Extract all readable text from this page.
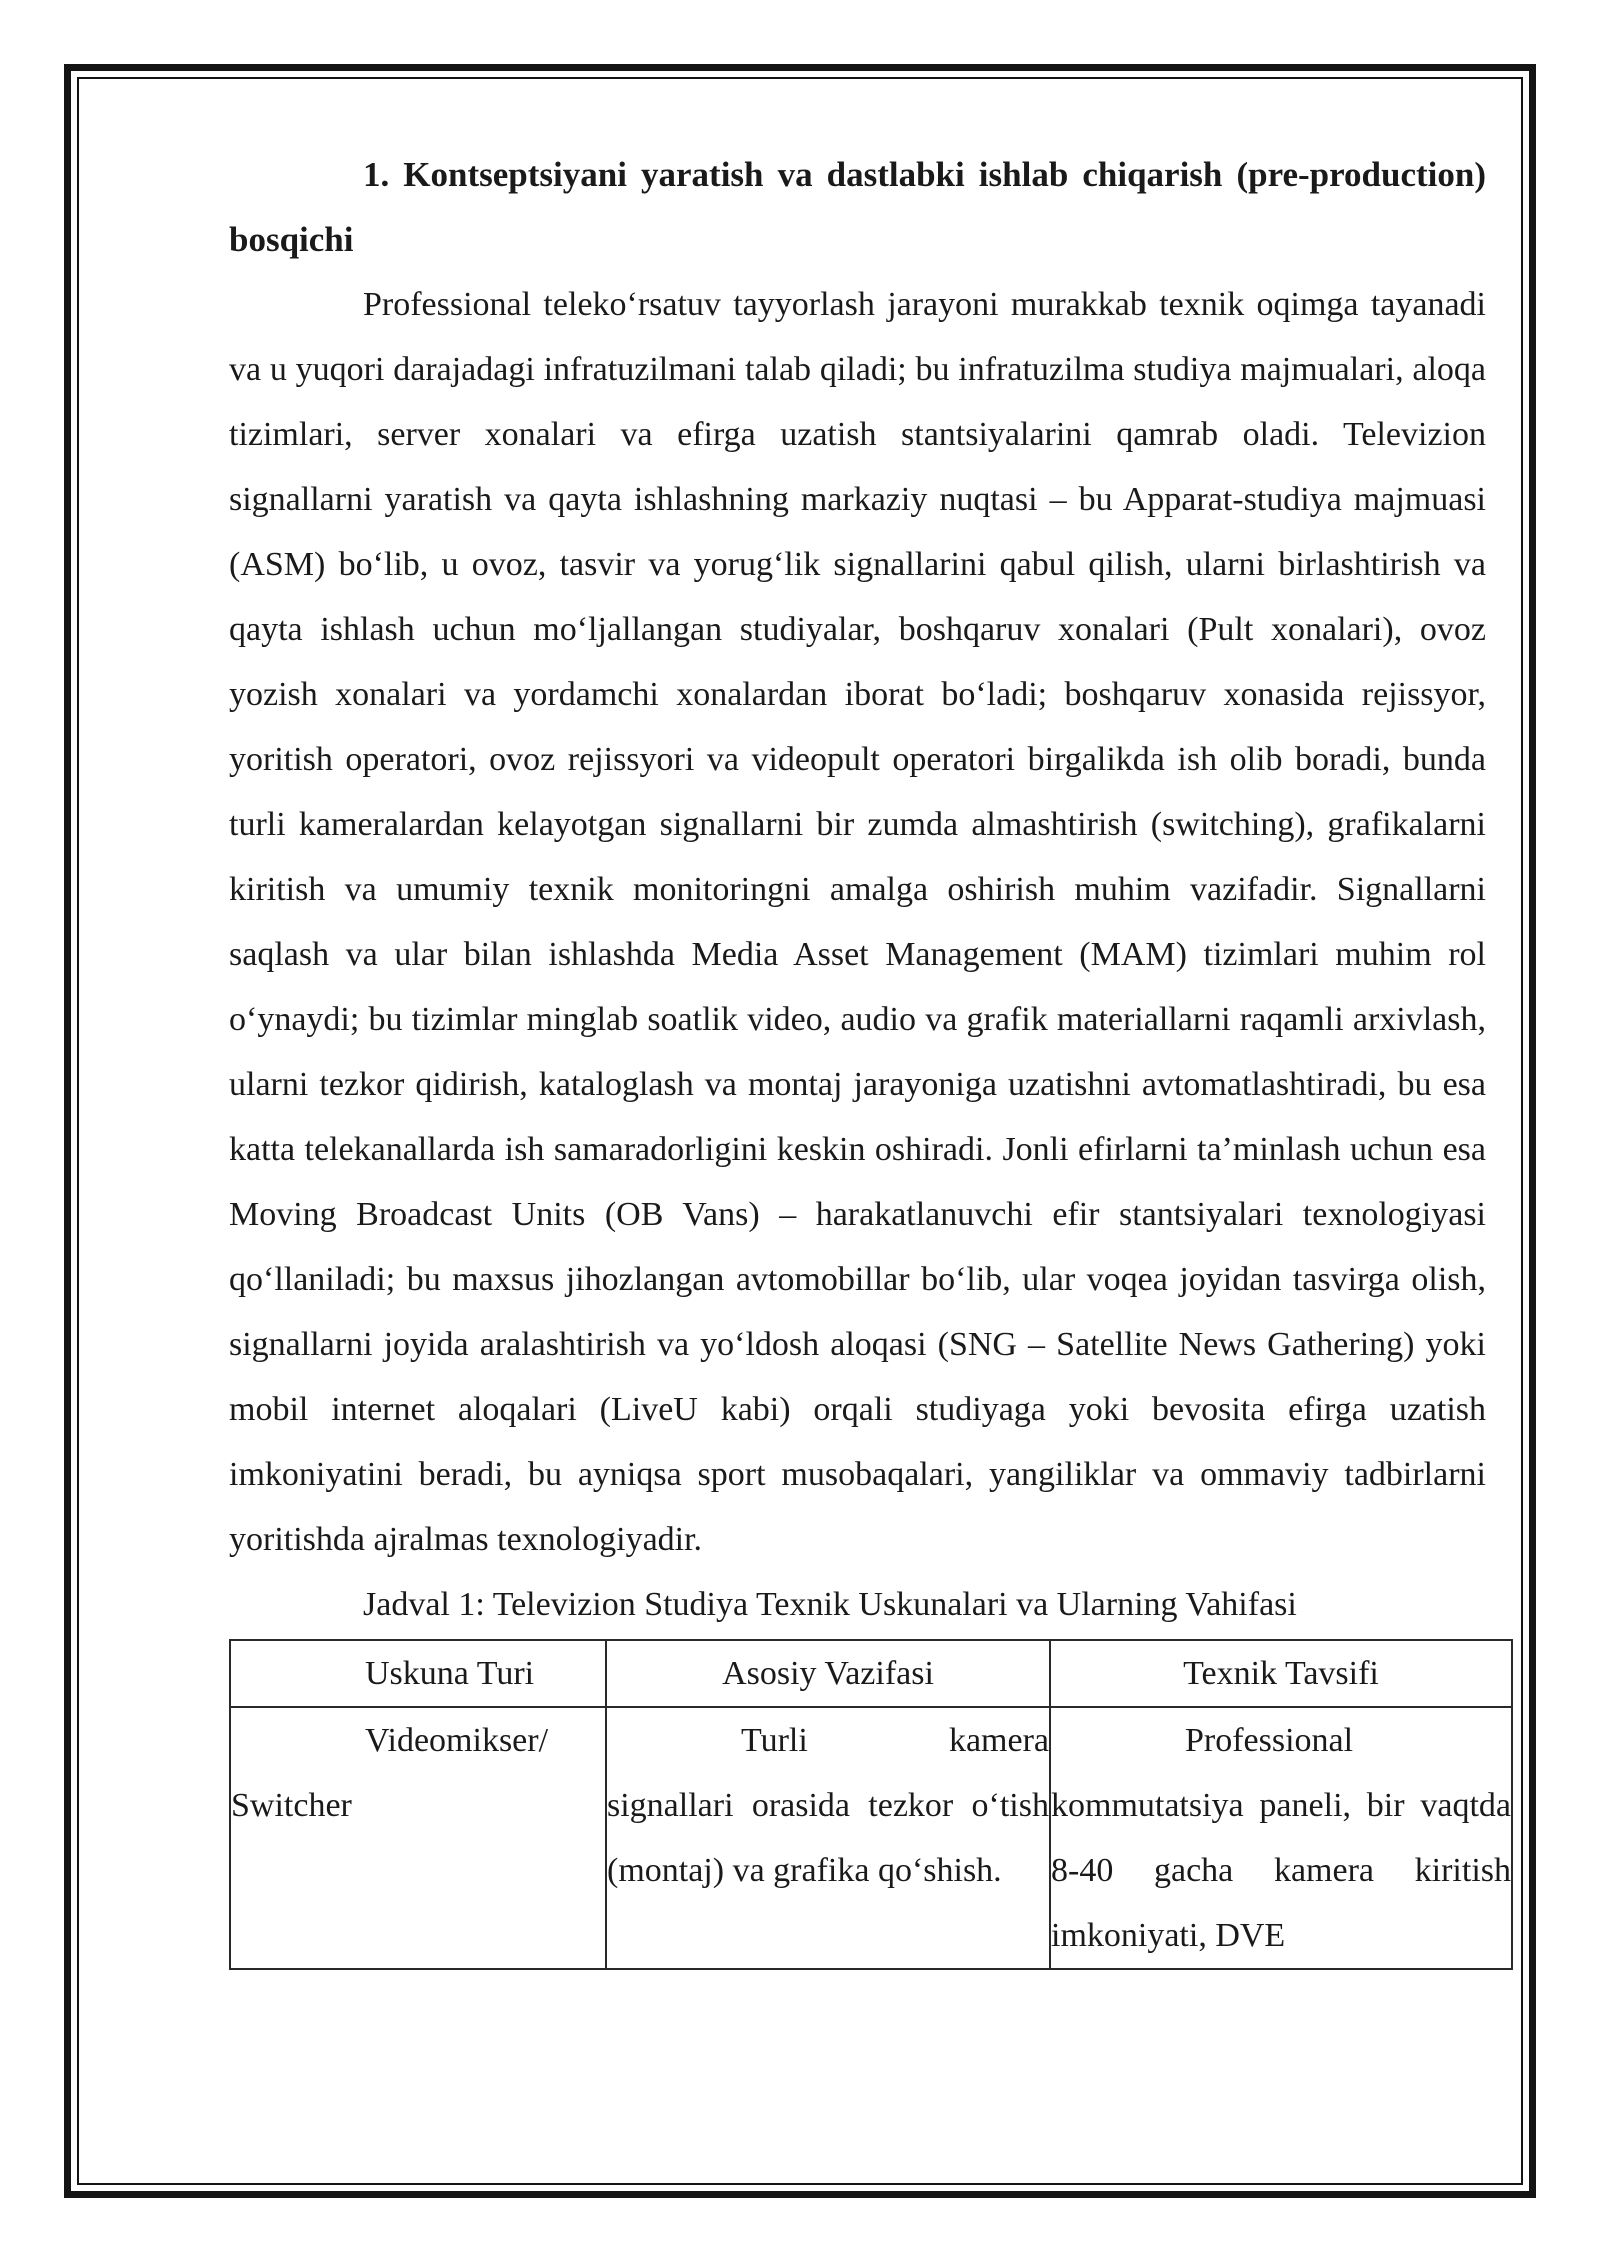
1. Kontseptsiyani yaratish va dastlabki ishlab chiqarish (pre-production) bosqichi

Professional teleko‘rsatuv tayyorlash jarayoni murakkab texnik oqimga tayanadi va u yuqori darajadagi infratuzilmani talab qiladi; bu infratuzilma studiya majmualari, aloqa tizimlari, server xonalari va efirga uzatish stantsiyalarini qamrab oladi. Televizion signallarni yaratish va qayta ishlashning markaziy nuqtasi – bu Apparat-studiya majmuasi (ASM) bo‘lib, u ovoz, tasvir va yorug‘lik signallarini qabul qilish, ularni birlashtirish va qayta ishlash uchun mo‘ljallangan studiyalar, boshqaruv xonalari (Pult xonalari), ovoz yozish xonalari va yordamchi xonalardan iborat bo‘ladi; boshqaruv xonasida rejissyor, yoritish operatori, ovoz rejissyori va videopult operatori birgalikda ish olib boradi, bunda turli kameralardan kelayotgan signallarni bir zumda almashtirish (switching), grafikalarni kiritish va umumiy texnik monitoringni amalga oshirish muhim vazifadir. Signallarni saqlash va ular bilan ishlashda Media Asset Management (MAM) tizimlari muhim rol o‘ynaydi; bu tizimlar minglab soatlik video, audio va grafik materiallarni raqamli arxivlash, ularni tezkor qidirish, kataloglash va montaj jarayoniga uzatishni avtomatlashtiradi, bu esa katta telekanallarda ish samaradorligini keskin oshiradi. Jonli efirlarni ta’minlash uchun esa Moving Broadcast Units (OB Vans) – harakatlanuvchi efir stantsiyalari texnologiyasi qo‘llaniladi; bu maxsus jihozlangan avtomobillar bo‘lib, ular voqea joyidan tasvirga olish, signallarni joyida aralashtirish va yo‘ldosh aloqasi (SNG – Satellite News Gathering) yoki mobil internet aloqalari (LiveU kabi) orqali studiyaga yoki bevosita efirga uzatish imkoniyatini beradi, bu ayniqsa sport musobaqalari, yangiliklar va ommaviy tadbirlarni yoritishda ajralmas texnologiyadir.

Jadval 1: Televizion Studiya Texnik Uskunalari va Ularning Vahifasi

Uskuna Turi	Asosiy Vazifasi	Texnik Tavsifi

Videomikser/ Switcher	Turli kamera signallari orasida tezkor o‘tish (montaj) va grafika qo‘shish.	Professional kommutatsiya paneli, bir vaqtda 8-40 gacha kamera kiritish imkoniyati, DVE
